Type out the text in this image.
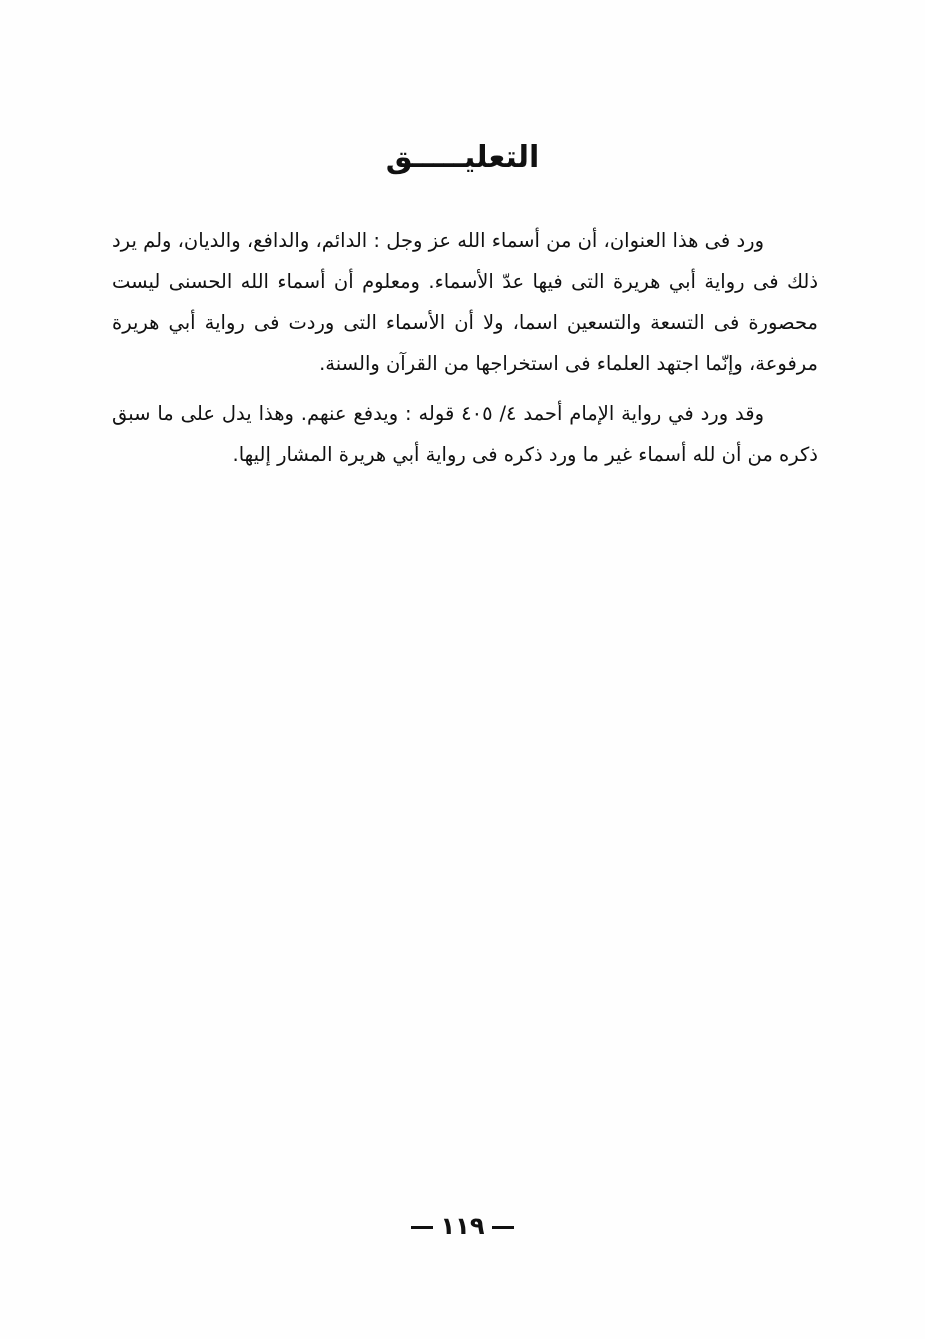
التعليـــــق

ورد فى هذا العنوان، أن من أسماء الله عز وجل : الدائم، والدافع، والديان، ولم يرد ذلك فى رواية أبي هريرة التى فيها عدّ الأسماء. ومعلوم أن أسماء الله الحسنى ليست محصورة فى التسعة والتسعين اسما، ولا أن الأسماء التى وردت فى رواية أبي هريرة مرفوعة، وإنّما اجتهد العلماء فى استخراجها من القرآن والسنة.

وقد ورد في رواية الإمام أحمد ٤/ ٤٠٥ قوله : ويدفع عنهم. وهذا يدل على ما سبق ذكره من أن لله أسماء غير ما ورد ذكره فى رواية أبي هريرة المشار إليها.

١١٩
